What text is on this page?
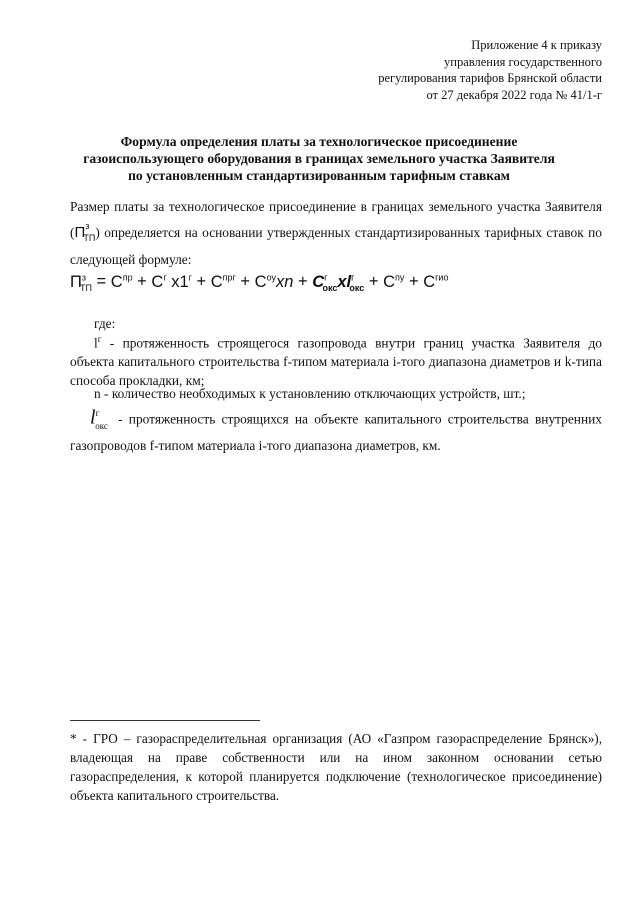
Приложение 4 к приказу
управления государственного
регулирования тарифов Брянской области
от 27 декабря 2022 года № 41/1-г
Формула определения платы за технологическое присоединение
газоиспользующего оборудования в границах земельного участка Заявителя
по установленным стандартизированным тарифным ставкам
Размер платы за технологическое присоединение в границах земельного участка Заявителя $(П^з_{ТП})$ определяется на основании утвержденных стандартизированных тарифных ставок по следующей формуле:
$П^з_{ТП} = С^{пр} + С^г$ $x1^г + С^{прг} + С^{оу}xn + С^г_{окс}xl^г_{окс} + С^{пу} + С^{гио}$
где:
$l^г$ - протяженность строящегося газопровода внутри границ участка Заявителя до объекта капитального строительства f-типом материала i-того диапазона диаметров и k-типа способа прокладки, км;
n - количество необходимых к установлению отключающих устройств, шт.;
$l^г_{окс}$ - протяженность строящихся на объекте капитального строительства внутренних газопроводов f-типом материала i-того диапазона диаметров, км.
* - ГРО – газораспределительная организация (АО «Газпром газораспределение Брянск»), владеющая на праве собственности или на ином законном основании сетью газораспределения, к которой планируется подключение (технологическое присоединение) объекта капитального строительства.
